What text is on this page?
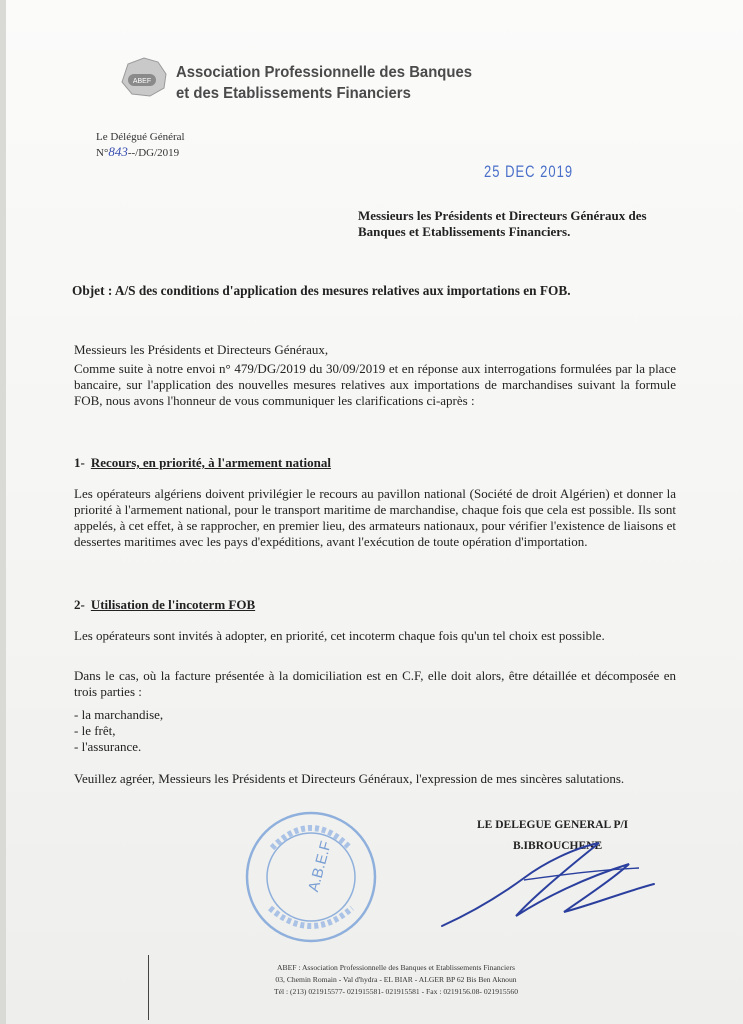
ABEF
Association Professionnelle des Banques
et des Etablissements Financiers
Le Délégué Général
N°843--/DG/2019
25 DEC 2019
Messieurs les Présidents et Directeurs Généraux des Banques et Etablissements Financiers.
Objet : A/S des conditions d'application des mesures relatives aux importations en FOB.
Messieurs les Présidents et Directeurs Généraux,
Comme suite à notre envoi n° 479/DG/2019 du 30/09/2019 et en réponse aux interrogations formulées par la place bancaire, sur l'application des nouvelles mesures relatives aux importations de marchandises suivant la formule FOB, nous avons l'honneur de vous communiquer les clarifications ci-après :
1- Recours, en priorité, à l'armement national
Les opérateurs algériens doivent privilégier le recours au pavillon national (Société de droit Algérien) et donner la priorité à l'armement national, pour le transport maritime de marchandise, chaque fois que cela est possible. Ils sont appelés, à cet effet, à se rapprocher, en premier lieu, des armateurs nationaux, pour vérifier l'existence de liaisons et dessertes maritimes avec les pays d'expéditions, avant l'exécution de toute opération d'importation.
2- Utilisation de l'incoterm FOB
Les opérateurs sont invités à adopter, en priorité, cet incoterm chaque fois qu'un tel choix est possible.
Dans le cas, où la facture présentée à la domiciliation est en C.F, elle doit alors, être détaillée et décomposée en trois parties :
- la marchandise,
- le frêt,
- l'assurance.
Veuillez agréer, Messieurs les Présidents et Directeurs Généraux, l'expression de mes sincères salutations.
A.B.E.F
LE DELEGUE GENERAL P/I
B.IBROUCHENE
ABEF : Association Professionnelle des Banques et Etablissements Financiers
03, Chemin Romain - Val d'hydra - EL BIAR - ALGER BP 62 Bis Ben Aknoun
Tél : (213) 021915577- 021915581- 021915581 - Fax : 0219156.08- 021915560
